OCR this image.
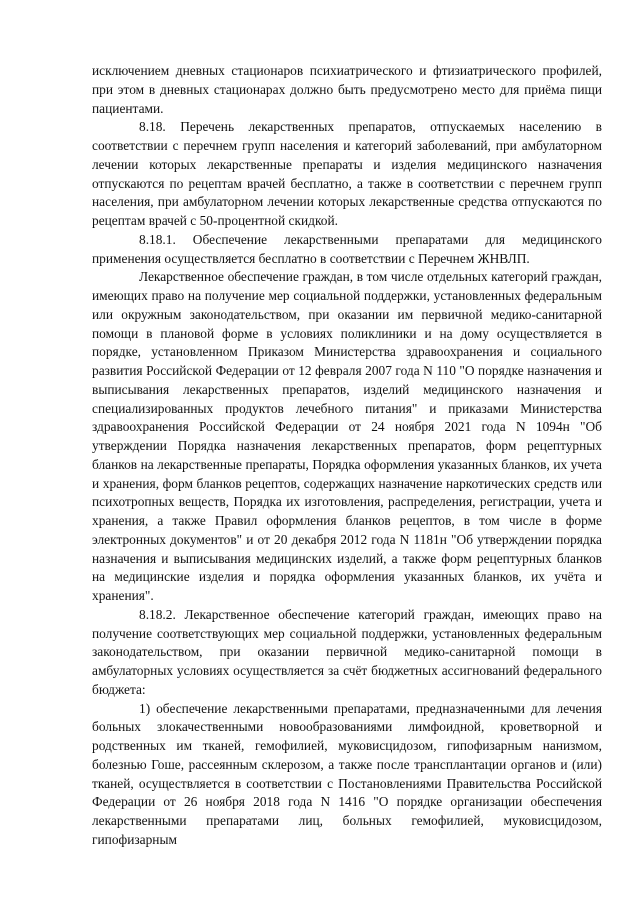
исключением дневных стационаров психиатрического и фтизиатрического профилей, при этом в дневных стационарах должно быть предусмотрено место для приёма пищи пациентами.

8.18. Перечень лекарственных препаратов, отпускаемых населению в соответствии с перечнем групп населения и категорий заболеваний, при амбулаторном лечении которых лекарственные препараты и изделия медицинского назначения отпускаются по рецептам врачей бесплатно, а также в соответствии с перечнем групп населения, при амбулаторном лечении которых лекарственные средства отпускаются по рецептам врачей с 50-процентной скидкой.

8.18.1. Обеспечение лекарственными препаратами для медицинского применения осуществляется бесплатно в соответствии с Перечнем ЖНВЛП.

Лекарственное обеспечение граждан, в том числе отдельных категорий граждан, имеющих право на получение мер социальной поддержки, установленных федеральным или окружным законодательством, при оказании им первичной медико-санитарной помощи в плановой форме в условиях поликлиники и на дому осуществляется в порядке, установленном Приказом Министерства здравоохранения и социального развития Российской Федерации от 12 февраля 2007 года N 110 "О порядке назначения и выписывания лекарственных препаратов, изделий медицинского назначения и специализированных продуктов лечебного питания" и приказами Министерства здравоохранения Российской Федерации от 24 ноября 2021 года N 1094н "Об утверждении Порядка назначения лекарственных препаратов, форм рецептурных бланков на лекарственные препараты, Порядка оформления указанных бланков, их учета и хранения, форм бланков рецептов, содержащих назначение наркотических средств или психотропных веществ, Порядка их изготовления, распределения, регистрации, учета и хранения, а также Правил оформления бланков рецептов, в том числе в форме электронных документов" и от 20 декабря 2012 года N 1181н "Об утверждении порядка назначения и выписывания медицинских изделий, а также форм рецептурных бланков на медицинские изделия и порядка оформления указанных бланков, их учёта и хранения".

8.18.2. Лекарственное обеспечение категорий граждан, имеющих право на получение соответствующих мер социальной поддержки, установленных федеральным законодательством, при оказании первичной медико-санитарной помощи в амбулаторных условиях осуществляется за счёт бюджетных ассигнований федерального бюджета:

1) обеспечение лекарственными препаратами, предназначенными для лечения больных злокачественными новообразованиями лимфоидной, кроветворной и родственных им тканей, гемофилией, муковисцидозом, гипофизарным нанизмом, болезнью Гоше, рассеянным склерозом, а также после трансплантации органов и (или) тканей, осуществляется в соответствии с Постановлениями Правительства Российской Федерации от 26 ноября 2018 года N 1416 "О порядке организации обеспечения лекарственными препаратами лиц, больных гемофилией, муковисцидозом, гипофизарным
